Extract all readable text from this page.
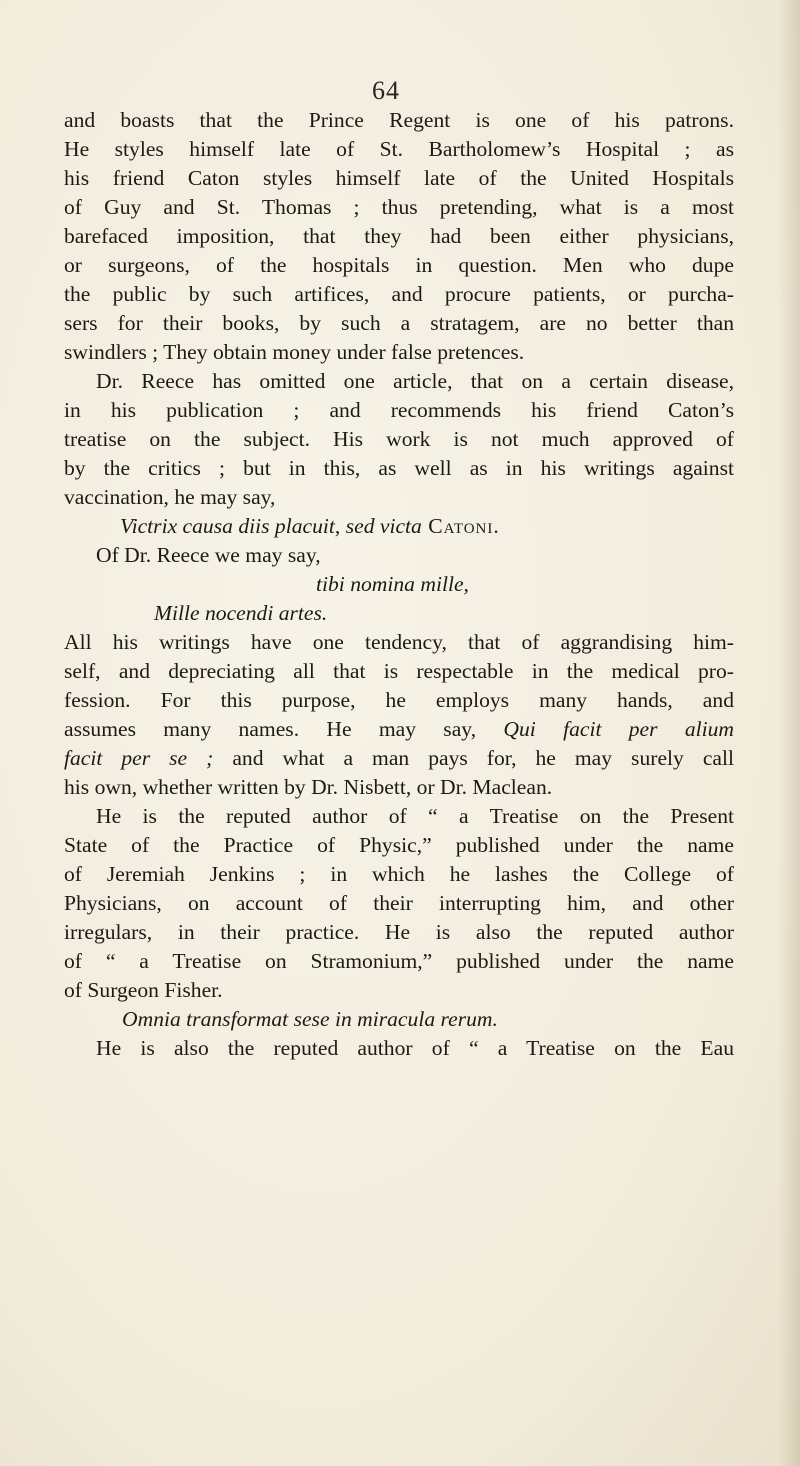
64
and boasts that the Prince Regent is one of his patrons.
He styles himself late of St. Bartholomew’s Hospital ; as
his friend Caton styles himself late of the United Hospitals
of Guy and St. Thomas ; thus pretending, what is a most
barefaced imposition, that they had been either physicians,
or surgeons, of the hospitals in question. Men who dupe
the public by such artifices, and procure patients, or purcha-
sers for their books, by such a stratagem, are no better than
swindlers ; They obtain money under false pretences.
Dr. Reece has omitted one article, that on a certain disease,
in his publication ; and recommends his friend Caton’s
treatise on the subject. His work is not much approved of
by the critics ; but in this, as well as in his writings against
vaccination, he may say,
Victrix causa diis placuit, sed victa Catoni.
Of Dr. Reece we may say,
tibi nomina mille,
Mille nocendi artes.
All his writings have one tendency, that of aggrandising him-
self, and depreciating all that is respectable in the medical pro-
fession. For this purpose, he employs many hands, and
assumes many names. He may say, Qui facit per alium
facit per se ; and what a man pays for, he may surely call
his own, whether written by Dr. Nisbett, or Dr. Maclean.
He is the reputed author of “ a Treatise on the Present
State of the Practice of Physic,” published under the name
of Jeremiah Jenkins ; in which he lashes the College of
Physicians, on account of their interrupting him, and other
irregulars, in their practice. He is also the reputed author
of “ a Treatise on Stramonium,” published under the name
of Surgeon Fisher.
Omnia transformat sese in miracula rerum.
He is also the reputed author of “ a Treatise on the Eau
